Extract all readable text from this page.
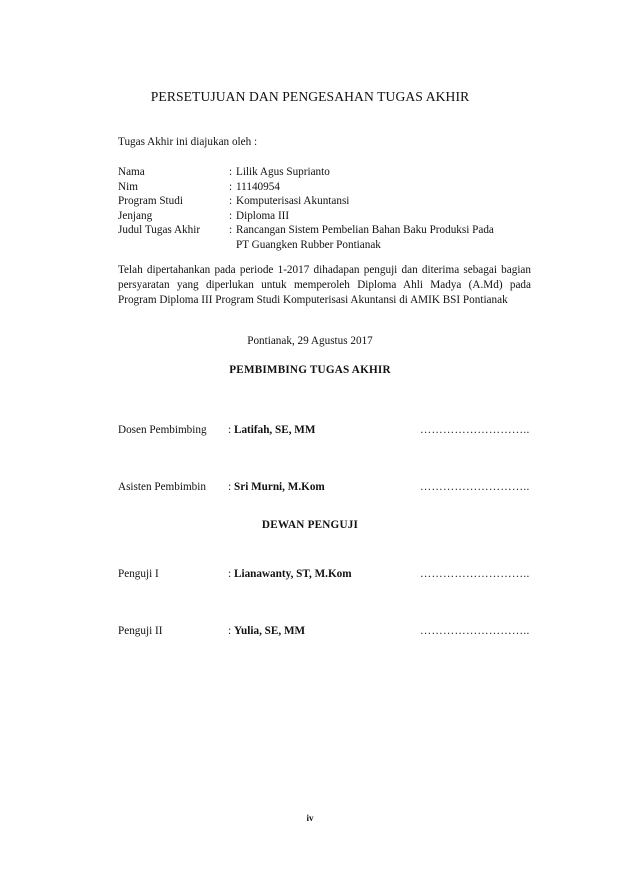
PERSETUJUAN DAN PENGESAHAN TUGAS AKHIR
Tugas Akhir ini diajukan oleh :
Nama	: Lilik Agus Suprianto
Nim	: 11140954
Program Studi	: Komputerisasi Akuntansi
Jenjang	: Diploma III
Judul Tugas Akhir	: Rancangan Sistem Pembelian Bahan Baku Produksi Pada
PT Guangken Rubber Pontianak
Telah dipertahankan pada periode 1-2017 dihadapan penguji dan diterima sebagai bagian persyaratan yang diperlukan untuk memperoleh Diploma Ahli Madya (A.Md) pada Program Diploma III Program Studi Komputerisasi Akuntansi di AMIK BSI Pontianak
Pontianak, 29 Agustus 2017
PEMBIMBING TUGAS AKHIR
Dosen Pembimbing	: Latifah, SE, MM	………………………..
Asisten Pembimbin	: Sri Murni, M.Kom	………………………..
DEWAN PENGUJI
Penguji I	: Lianawanty, ST, M.Kom	………………………..
Penguji II	: Yulia, SE, MM	………………………..
iv
